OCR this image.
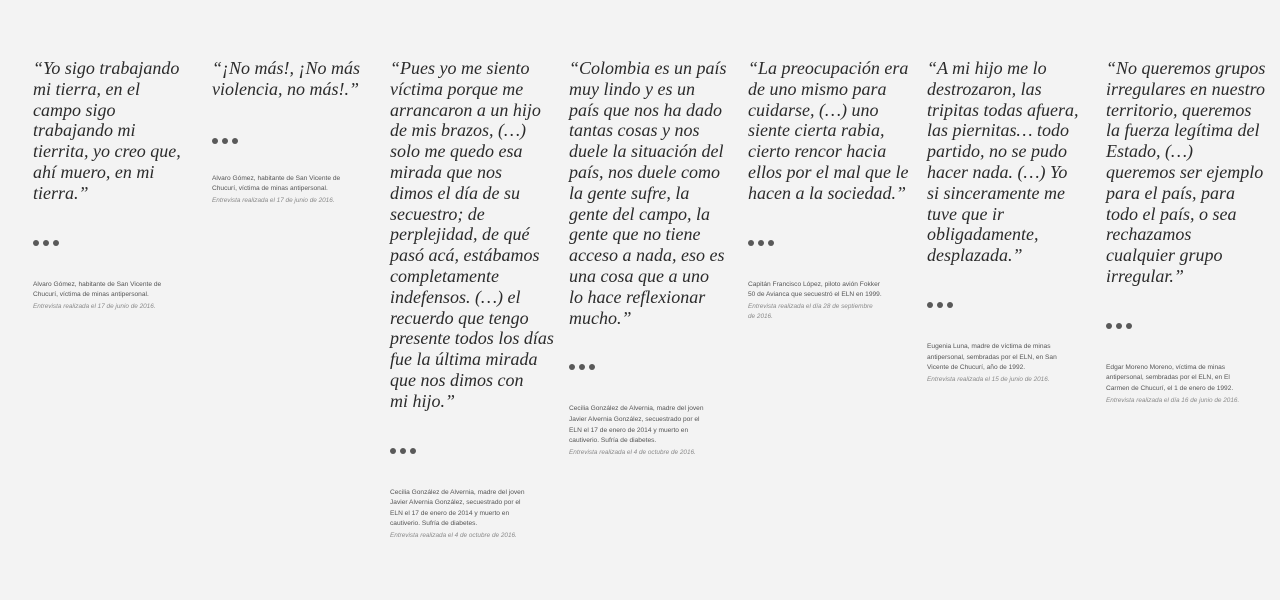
“Yo sigo trabajando
mi tierra, en el
campo sigo
trabajando mi
tierrita, yo creo que,
ahí muero, en mi
tierra.”

Alvaro Gómez, habitante de San Vicente de
Chucurí, víctima de minas antipersonal.

Entrevista realizada el 17 de junio de 2016.

“¡No más!, ¡No más
violencia, no más!.”

Alvaro Gómez, habitante de San Vicente de
Chucurí, víctima de minas antipersonal.

Entrevista realizada el 17 de junio de 2016.

“Pues yo me siento
víctima porque me
arrancaron a un hijo
de mis brazos, (…)
solo me quedo esa
mirada que nos
dimos el día de su
secuestro; de
perplejidad, de qué
pasó acá, estábamos
completamente
indefensos. (…) el
recuerdo que tengo
presente todos los días
fue la última mirada
que nos dimos con
mi hijo.”

Cecilia González de Alvernia, madre del joven
Javier Alvernia González, secuestrado por el
ELN el 17 de enero de 2014 y muerto en
cautiverio. Sufría de diabetes.

Entrevista realizada el 4 de octubre de 2016.

“Colombia es un país
muy lindo y es un
país que nos ha dado
tantas cosas y nos
duele la situación del
país, nos duele como
la gente sufre, la
gente del campo, la
gente que no tiene
acceso a nada, eso es
una cosa que a uno
lo hace reflexionar
mucho.”

Cecilia González de Alvernia, madre del joven
Javier Alvernia González, secuestrado por el
ELN el 17 de enero de 2014 y muerto en
cautiverio. Sufría de diabetes.

Entrevista realizada el 4 de octubre de 2016.

“La preocupación era
de uno mismo para
cuidarse, (…) uno
siente cierta rabia,
cierto rencor hacia
ellos por el mal que le
hacen a la sociedad.”

Capitán Francisco López, piloto avión Fokker
50 de Avianca que secuestró el ELN en 1999.

Entrevista realizada el día 28 de septiembre
de 2016.

“A mi hijo me lo
destrozaron, las
tripitas todas afuera,
las piernitas… todo
partido, no se pudo
hacer nada. (…) Yo
si sinceramente me
tuve que ir
obligadamente,
desplazada.”

Eugenia Luna, madre de víctima de minas
antipersonal, sembradas por el ELN, en San
Vicente de Chucurí, año de 1992.

Entrevista realizada el 15 de junio de 2016.

“No queremos grupos
irregulares en nuestro
territorio, queremos
la fuerza legítima del
Estado, (…)
queremos ser ejemplo
para el país, para
todo el país, o sea
rechazamos
cualquier grupo
irregular.”

Edgar Moreno Moreno, víctima de minas
antipersonal, sembradas por el ELN, en El
Carmen de Chucurí, el 1 de enero de 1992.

Entrevista realizada el día 16 de junio de 2016.
